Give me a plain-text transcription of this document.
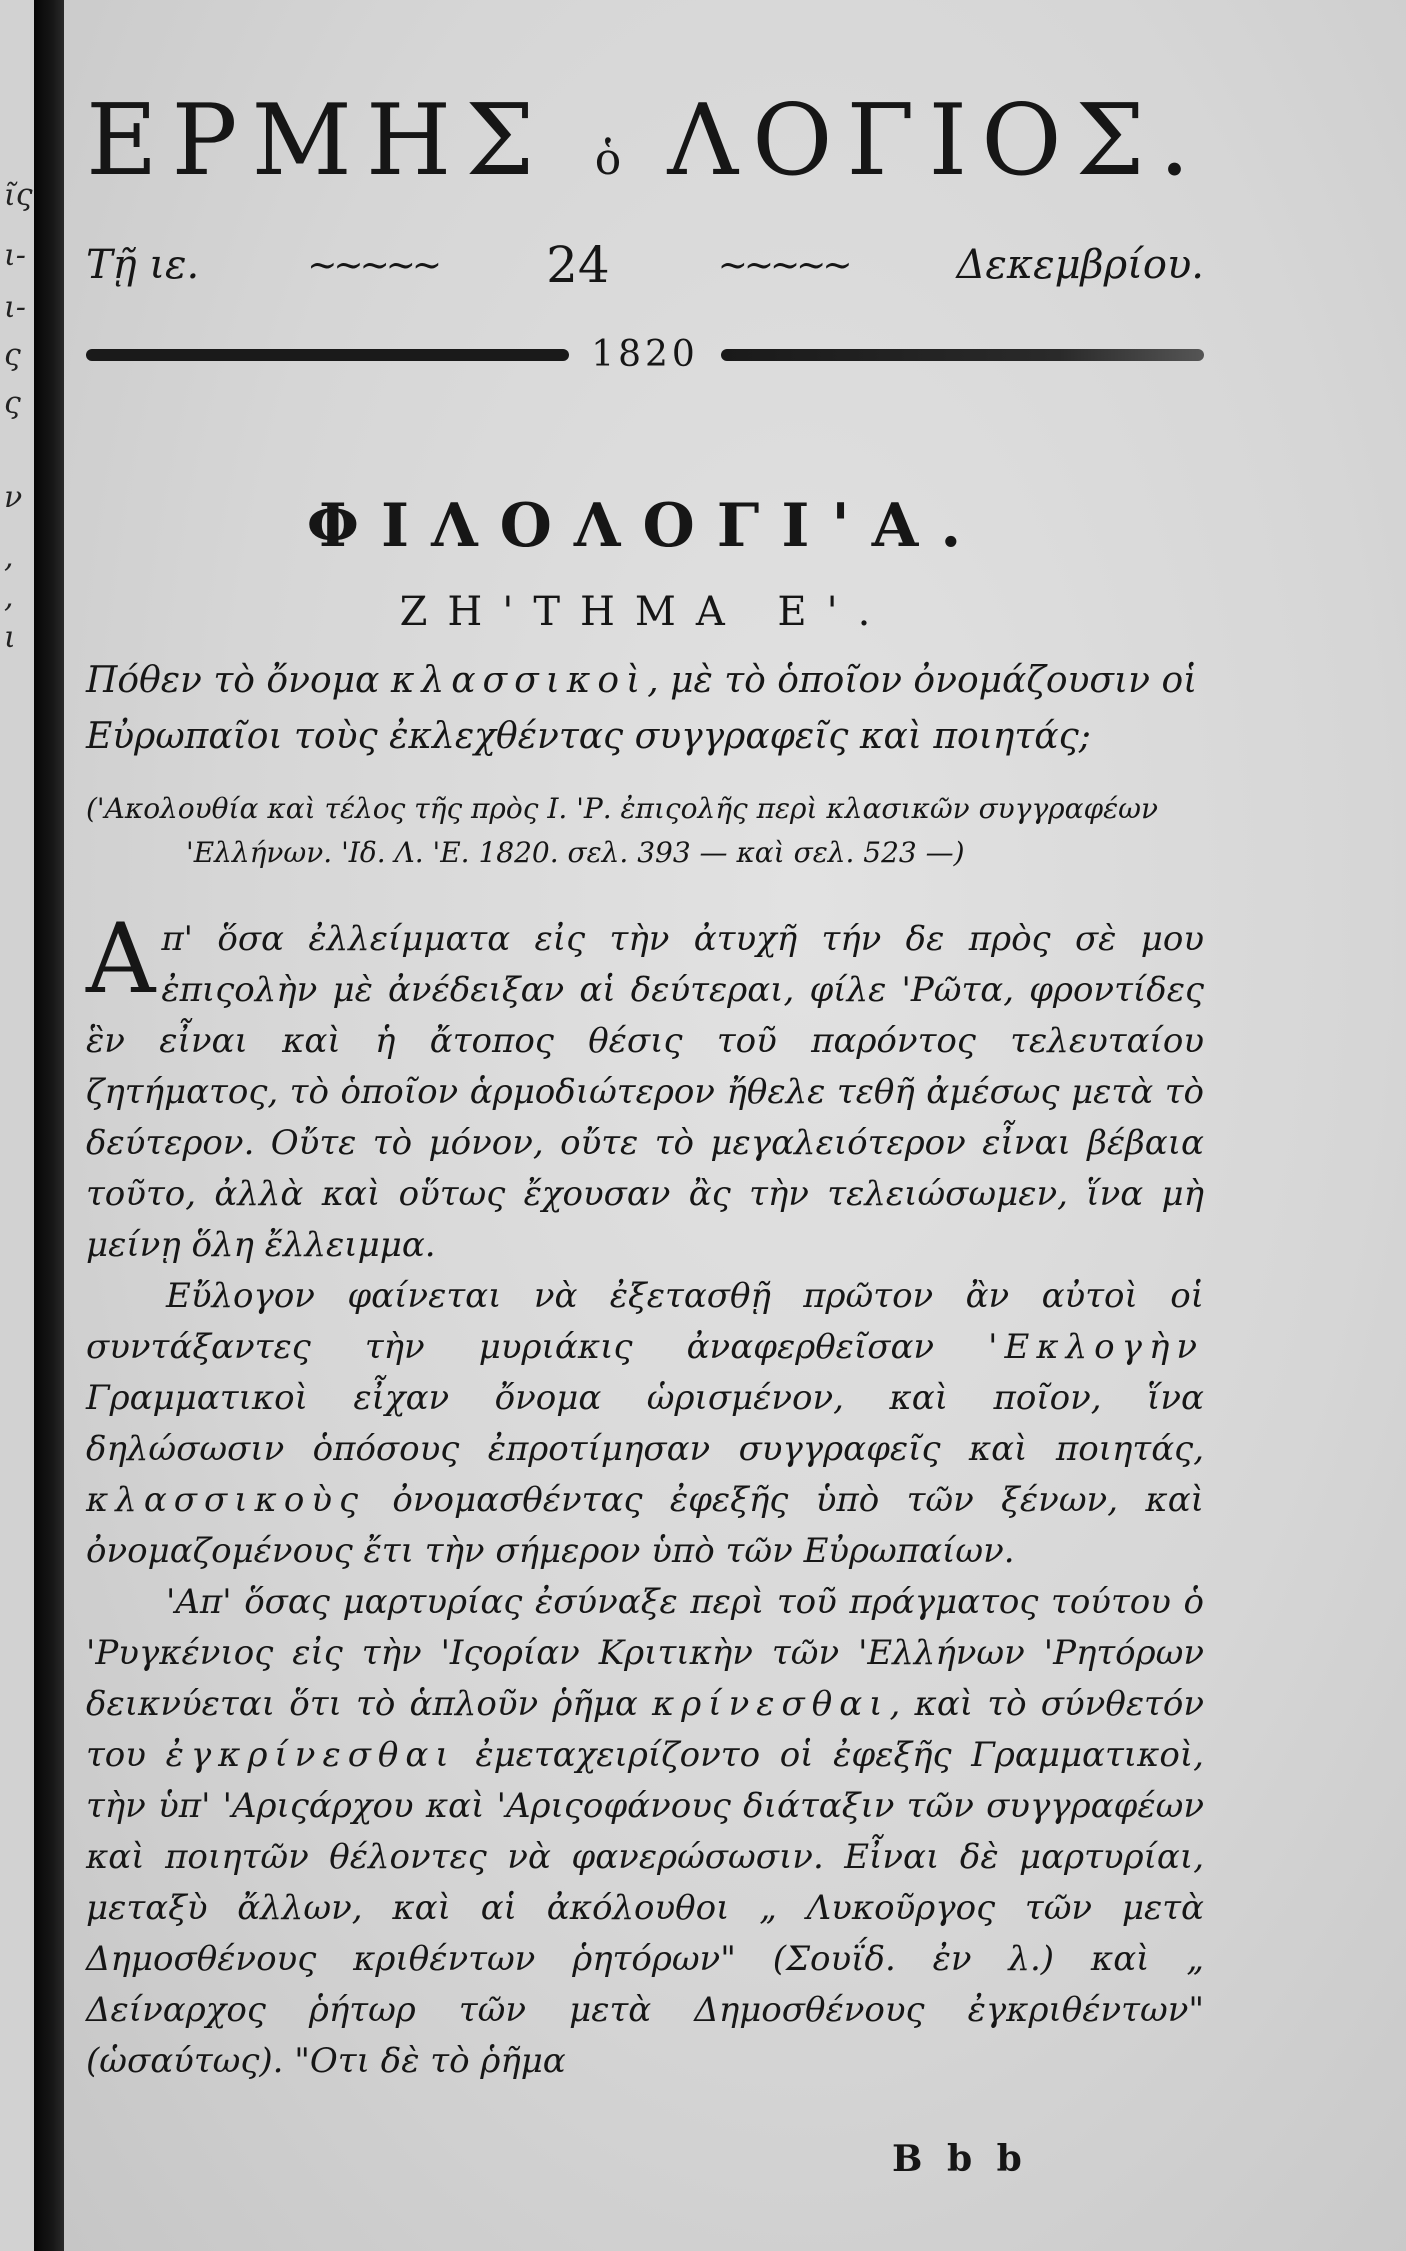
ῖς
ι-
ι-
ς
ς
ν
,
,
ι
ΕΡΜΗΣ ὁ ΛΟΓΙΟΣ.
Τῇ ιε.	~~~~~ 24	~~~~~	Δεκεμβρίου.
1820
ΦΙΛΟΛΟΓΙ'Α.
ΖΗ'ΤΗΜΑ Ε'.
Πόθεν τὸ ὄνομα κλασσικοὶ, μὲ τὸ ὁποῖον ὀνομάζουσιν οἱ Εὐρωπαῖοι τοὺς ἐκλεχθέντας συγγραφεῖς καὶ ποιητάς;
('Ακολουθία καὶ τέλος τῆς πρὸς Ι. 'Ρ. ἐπιςολῆς περὶ κλασικῶν συγγραφέων
'Ελλήνων. 'Ιδ. Λ. 'Ε. 1820. σελ. 393 — καὶ σελ. 523 —)

Απ' ὅσα ἐλλείμματα εἰς τὴν ἀτυχῆ τήν δε πρὸς σὲ μου ἐπιςολὴν μὲ ἀνέδειξαν αἱ δεύτεραι, φίλε 'Ρῶτα, φροντίδες ἓν εἶναι καὶ ἡ ἄτοπος θέσις τοῦ παρόντος τελευταίου ζητήματος, τὸ ὁποῖον ἁρμοδιώτερον ἤθελε τεθῆ ἀμέσως μετὰ τὸ δεύτερον. Οὔτε τὸ μόνον, οὔτε τὸ μεγαλειότερον εἶναι βέβαια τοῦτο, ἀλλὰ καὶ οὕτως ἔχουσαν ἂς τὴν τελειώσωμεν, ἵνα μὴ μείνῃ ὅλη ἔλλειμμα.

Εὔλογον φαίνεται νὰ ἐξετασθῇ πρῶτον ἂν αὐτοὶ οἱ συντάξαντες τὴν μυριάκις ἀναφερθεῖσαν 'Εκλογὴν Γραμματικοὶ εἶχαν ὄνομα ὡρισμένον, καὶ ποῖον, ἵνα δηλώσωσιν ὁπόσους ἐπροτίμησαν συγγραφεῖς καὶ ποιητάς, κλασσικοὺς ὀνομασθέντας ἐφεξῆς ὑπὸ τῶν ξένων, καὶ ὀνομαζομένους ἔτι τὴν σήμερον ὑπὸ τῶν Εὐρωπαίων.

'Απ' ὅσας μαρτυρίας ἐσύναξε περὶ τοῦ πράγματος τούτου ὁ 'Ρυγκένιος εἰς τὴν 'Ιςορίαν Κριτικὴν τῶν 'Ελλήνων 'Ρητόρων δεικνύεται ὅτι τὸ ἁπλοῦν ῥῆμα κρίνεσθαι, καὶ τὸ σύνθετόν του ἐγκρίνεσθαι ἐμεταχειρίζοντο οἱ ἐφεξῆς Γραμματικοὶ, τὴν ὑπ' 'Αριςάρχου καὶ 'Αριςοφάνους διάταξιν τῶν συγγραφέων καὶ ποιητῶν θέλοντες νὰ φανερώσωσιν. Εἶναι δὲ μαρτυρίαι, μεταξὺ ἄλλων, καὶ αἱ ἀκόλουθοι „ Λυκοῦργος τῶν μετὰ Δημοσθένους κριθέντων ῥητόρων" (Σουΐδ. ἐν λ.) καὶ „ Δείναρχος ῥήτωρ τῶν μετὰ Δημοσθένους ἐγκριθέντων" (ὡσαύτως). "Οτι δὲ τὸ ῥῆμα

Β b b
